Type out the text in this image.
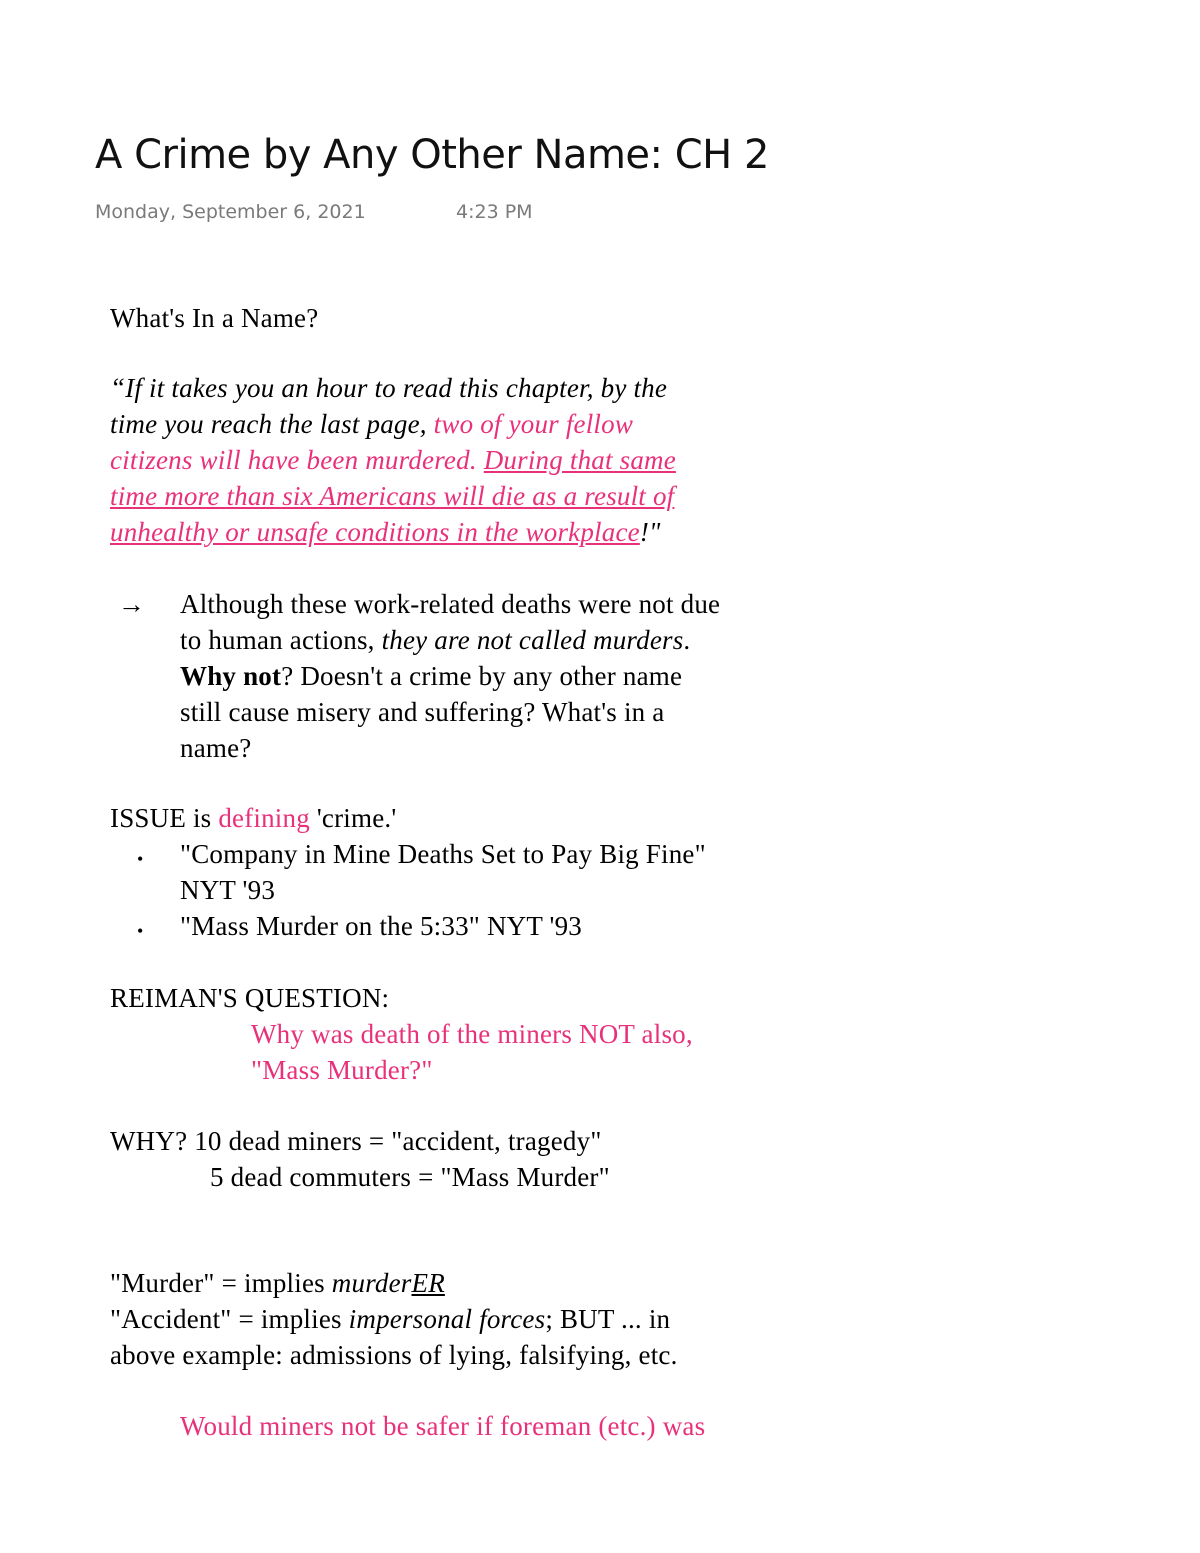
A Crime by Any Other Name: CH 2
Monday, September 6, 2021	4:23 PM
What's In a Name?
“If it takes you an hour to read this chapter, by the
time you reach the last page, two of your fellow
citizens will have been murdered. During that same
time more than six Americans will die as a result of
unhealthy or unsafe conditions in the workplace!"
→ Although these work-related deaths were not due
to human actions, they are not called murders.
Why not? Doesn't a crime by any other name
still cause misery and suffering? What's in a
name?
ISSUE is defining 'crime.'
• "Company in Mine Deaths Set to Pay Big Fine"
NYT '93
• "Mass Murder on the 5:33" NYT '93
REIMAN'S QUESTION:
Why was death of the miners NOT also,
"Mass Murder?"
WHY? 10 dead miners = "accident, tragedy"
5 dead commuters = "Mass Murder"
"Murder" = implies murderER
"Accident" = implies impersonal forces; BUT ... in
above example: admissions of lying, falsifying, etc.
Would miners not be safer if foreman (etc.) was
